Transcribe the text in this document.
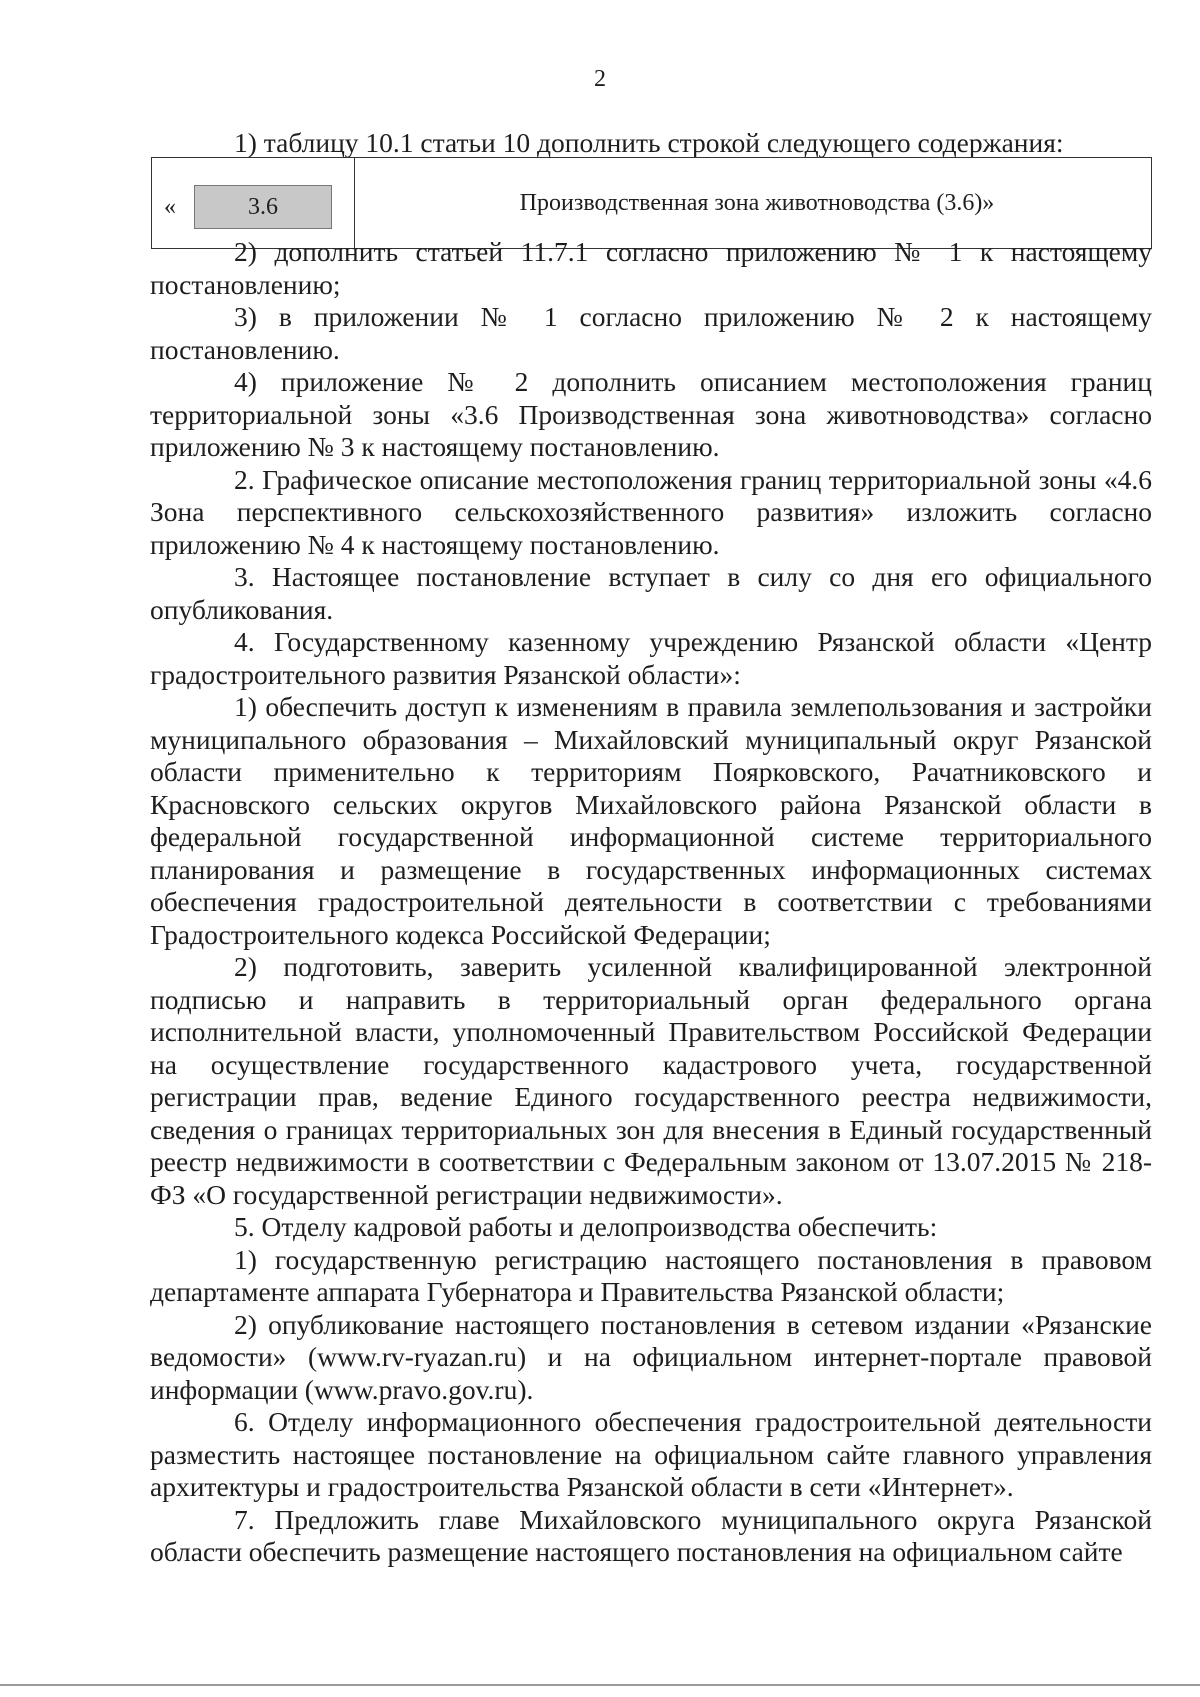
2
1) таблицу 10.1 статьи 10 дополнить строкой следующего содержания:
«	3.6	Производственная зона животноводства (3.6)»

2) дополнить статьей 11.7.1 согласно приложению № 1 к настоящему постановлению;

3) в приложении № 1 согласно приложению № 2 к настоящему постановлению.

4) приложение № 2 дополнить описанием местоположения границ территориальной зоны «3.6 Производственная зона животноводства» согласно приложению № 3 к настоящему постановлению.

2. Графическое описание местоположения границ территориальной зоны «4.6 Зона перспективного сельскохозяйственного развития» изложить согласно приложению № 4 к настоящему постановлению.

3. Настоящее постановление вступает в силу со дня его официального опубликования.

4. Государственному казенному учреждению Рязанской области «Центр градостроительного развития Рязанской области»:

1) обеспечить доступ к изменениям в правила землепользования и застройки муниципального образования – Михайловский муниципальный округ Рязанской области применительно к территориям Поярковского, Рачатниковского и Красновского сельских округов Михайловского района Рязанской области в федеральной государственной информационной системе территориального планирования и размещение в государственных информационных системах обеспечения градостроительной деятельности в соответствии с требованиями Градостроительного кодекса Российской Федерации;

2) подготовить, заверить усиленной квалифицированной электронной подписью и направить в территориальный орган федерального органа исполнительной власти, уполномоченный Правительством Российской Федерации на осуществление государственного кадастрового учета, государственной регистрации прав, ведение Единого государственного реестра недвижимости, сведения о границах территориальных зон для внесения в Единый государственный реестр недвижимости в соответствии с Федеральным законом от 13.07.2015 № 218-ФЗ «О государственной регистрации недвижимости».

5. Отделу кадровой работы и делопроизводства обеспечить:

1) государственную регистрацию настоящего постановления в правовом департаменте аппарата Губернатора и Правительства Рязанской области;

2) опубликование настоящего постановления в сетевом издании «Рязанские ведомости» (www.rv-ryazan.ru) и на официальном интернет-портале правовой информации (www.pravo.gov.ru).

6. Отделу информационного обеспечения градостроительной деятельности разместить настоящее постановление на официальном сайте главного управления архитектуры и градостроительства Рязанской области в сети «Интернет».

7. Предложить главе Михайловского муниципального округа Рязанской области обеспечить размещение настоящего постановления на официальном сайте
